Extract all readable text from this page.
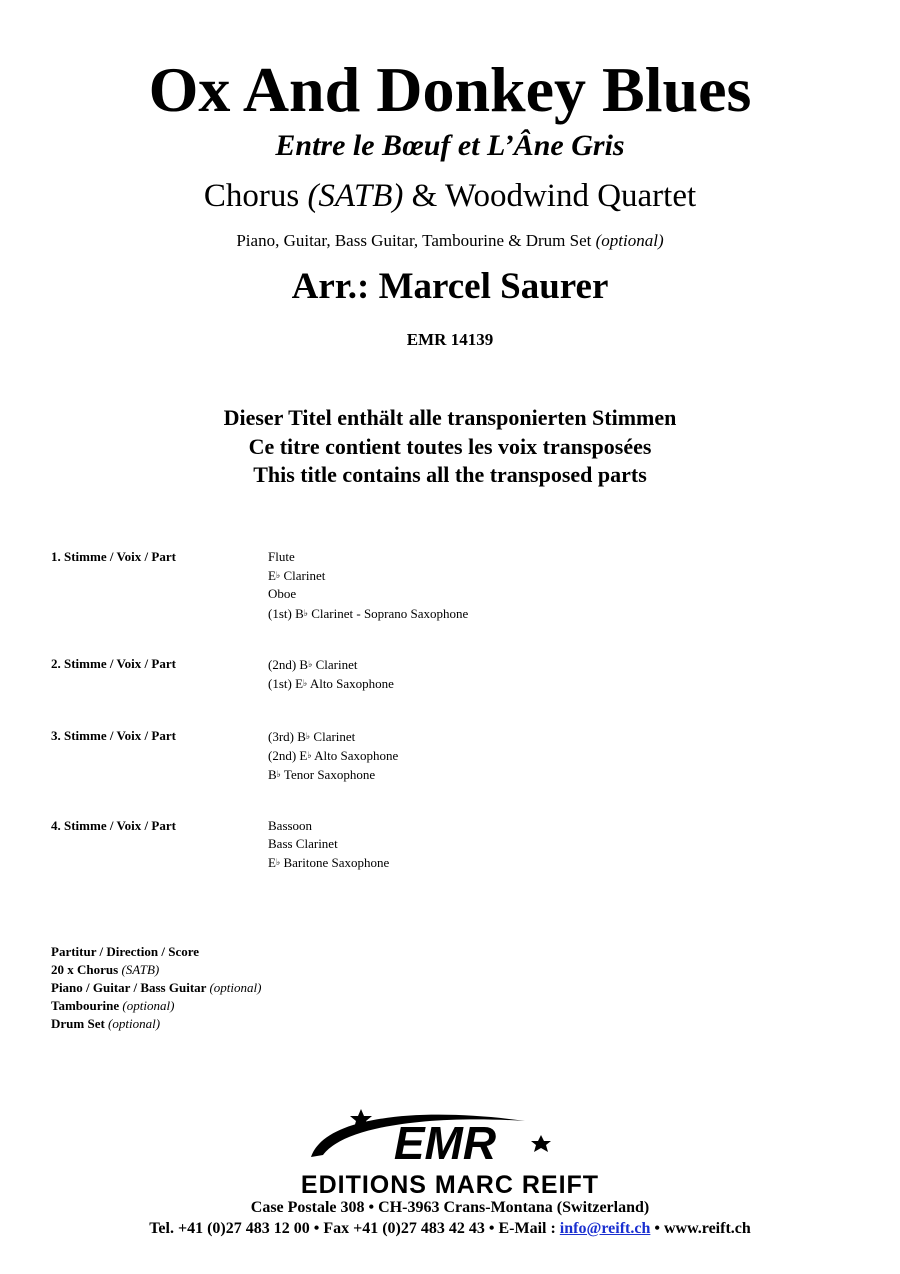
Ox And Donkey Blues
Entre le Bœuf et L’Âne Gris
Chorus (SATB) & Woodwind Quartet
Piano, Guitar, Bass Guitar, Tambourine & Drum Set (optional)
Arr.: Marcel Saurer
EMR 14139
Dieser Titel enthält alle transponierten Stimmen
Ce titre contient toutes les voix transposées
This title contains all the transposed parts
1. Stimme / Voix / Part	Flute
E♭ Clarinet
Oboe
(1st) B♭ Clarinet - Soprano Saxophone
2. Stimme / Voix / Part	(2nd) B♭ Clarinet
(1st) E♭ Alto Saxophone
3. Stimme / Voix / Part	(3rd) B♭ Clarinet
(2nd) E♭ Alto Saxophone
B♭ Tenor Saxophone
4. Stimme / Voix / Part	Bassoon
Bass Clarinet
E♭ Baritone Saxophone
Partitur / Direction / Score
20 x Chorus (SATB)
Piano / Guitar / Bass Guitar (optional)
Tambourine (optional)
Drum Set (optional)
EMR
EDITIONS MARC REIFT
Case Postale 308 • CH-3963 Crans-Montana (Switzerland)
Tel. +41 (0)27 483 12 00 • Fax +41 (0)27 483 42 43 • E-Mail : info@reift.ch • www.reift.ch
